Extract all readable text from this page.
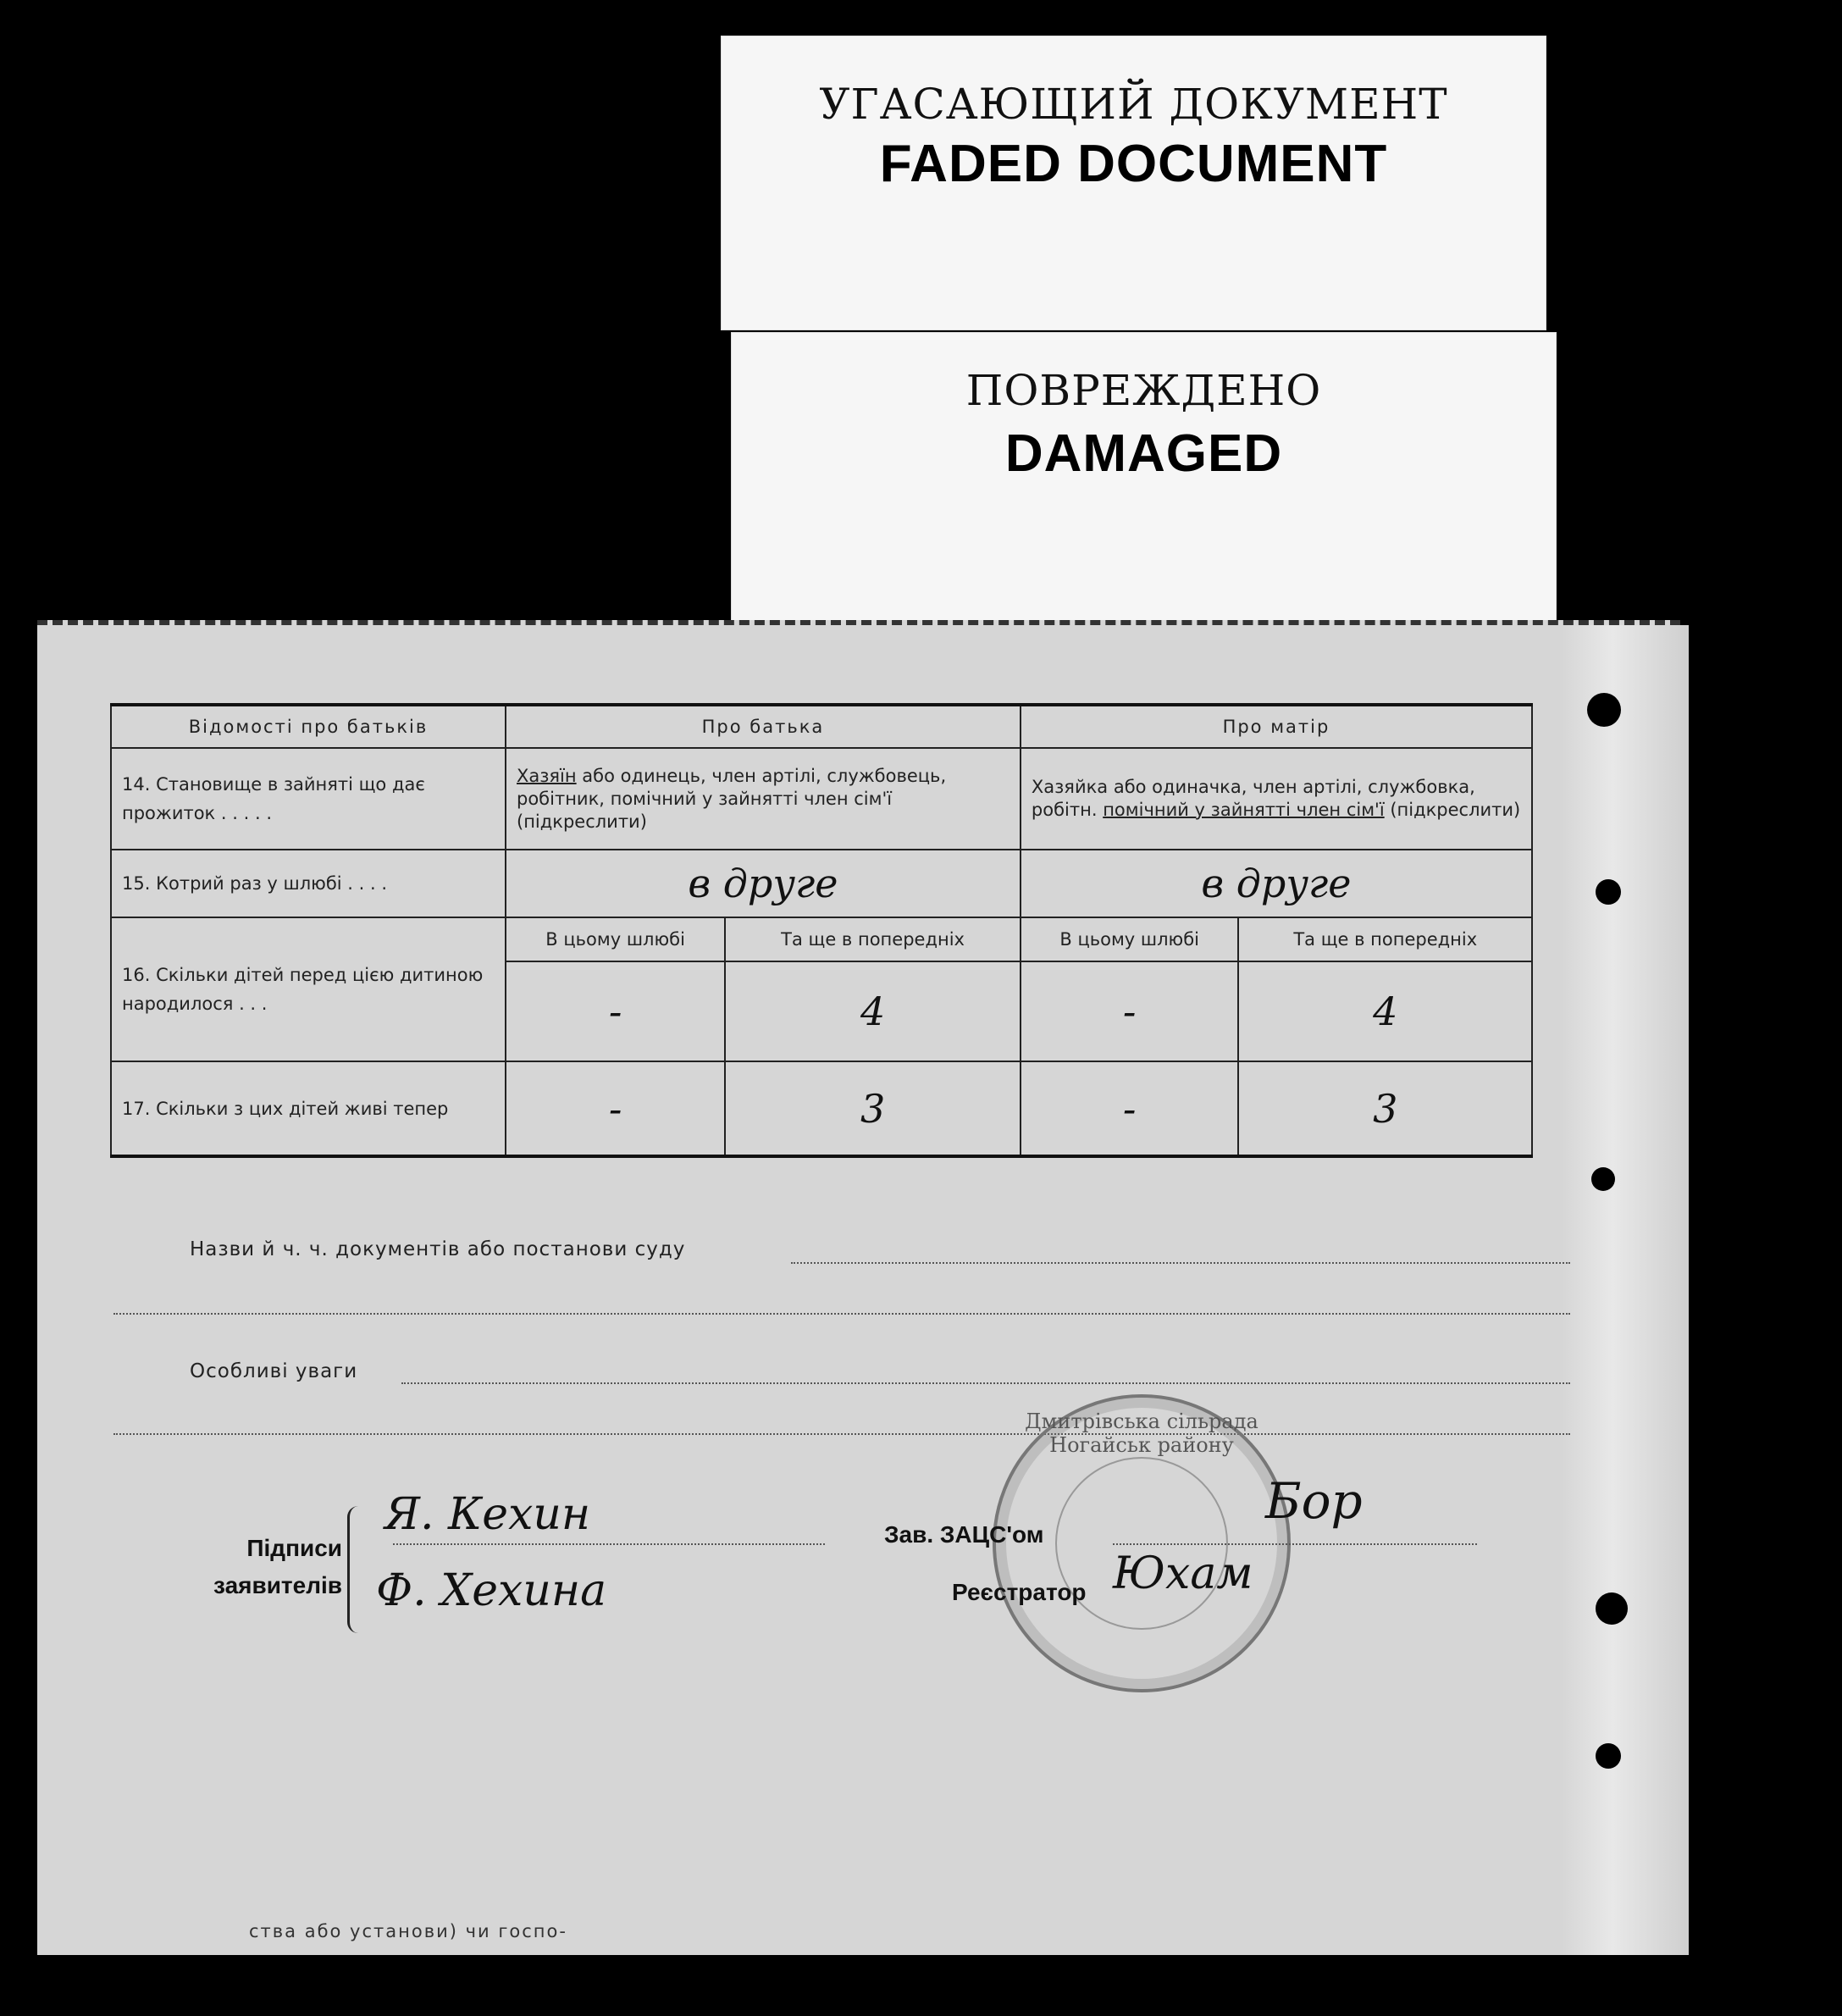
УГАСАЮЩИЙ ДОКУМЕНТ
FADED DOCUMENT
ПОВРЕЖДЕНО
DAMAGED
Відомості про батьків	Про батька		Про матір	
14. Становище в зайняті що дає прожиток . . . . .	Хазяїн або одинець, член артілі, службовець, робітник, помічний у зайнятті член сім'ї (підкреслити)		Хазяйка або одиначка, член артілі, службовка, робітн. помічний у зайнятті член сім'ї (підкреслити)	
15. Котрий раз у шлюбі . . . .	в друге		в друге	
16. Скільки дітей перед цією дитиною народилося . . .	В цьому шлюбі	Та ще в попередніх	В цьому шлюбі	Та ще в попередніх
	-	4	-	4
17. Скільки з цих дітей живі тепер	-	3	-	3
Назви й ч. ч. документів або постанови суду
Особливі уваги
Дмитрівська сільрада Ногайськ району
Підписи
заявителів
Я. Кехин
Ф. Хехина
Зав. ЗАЦС'ом
Бор
Реєстратор Юхам
ства або установи) чи госпо-
